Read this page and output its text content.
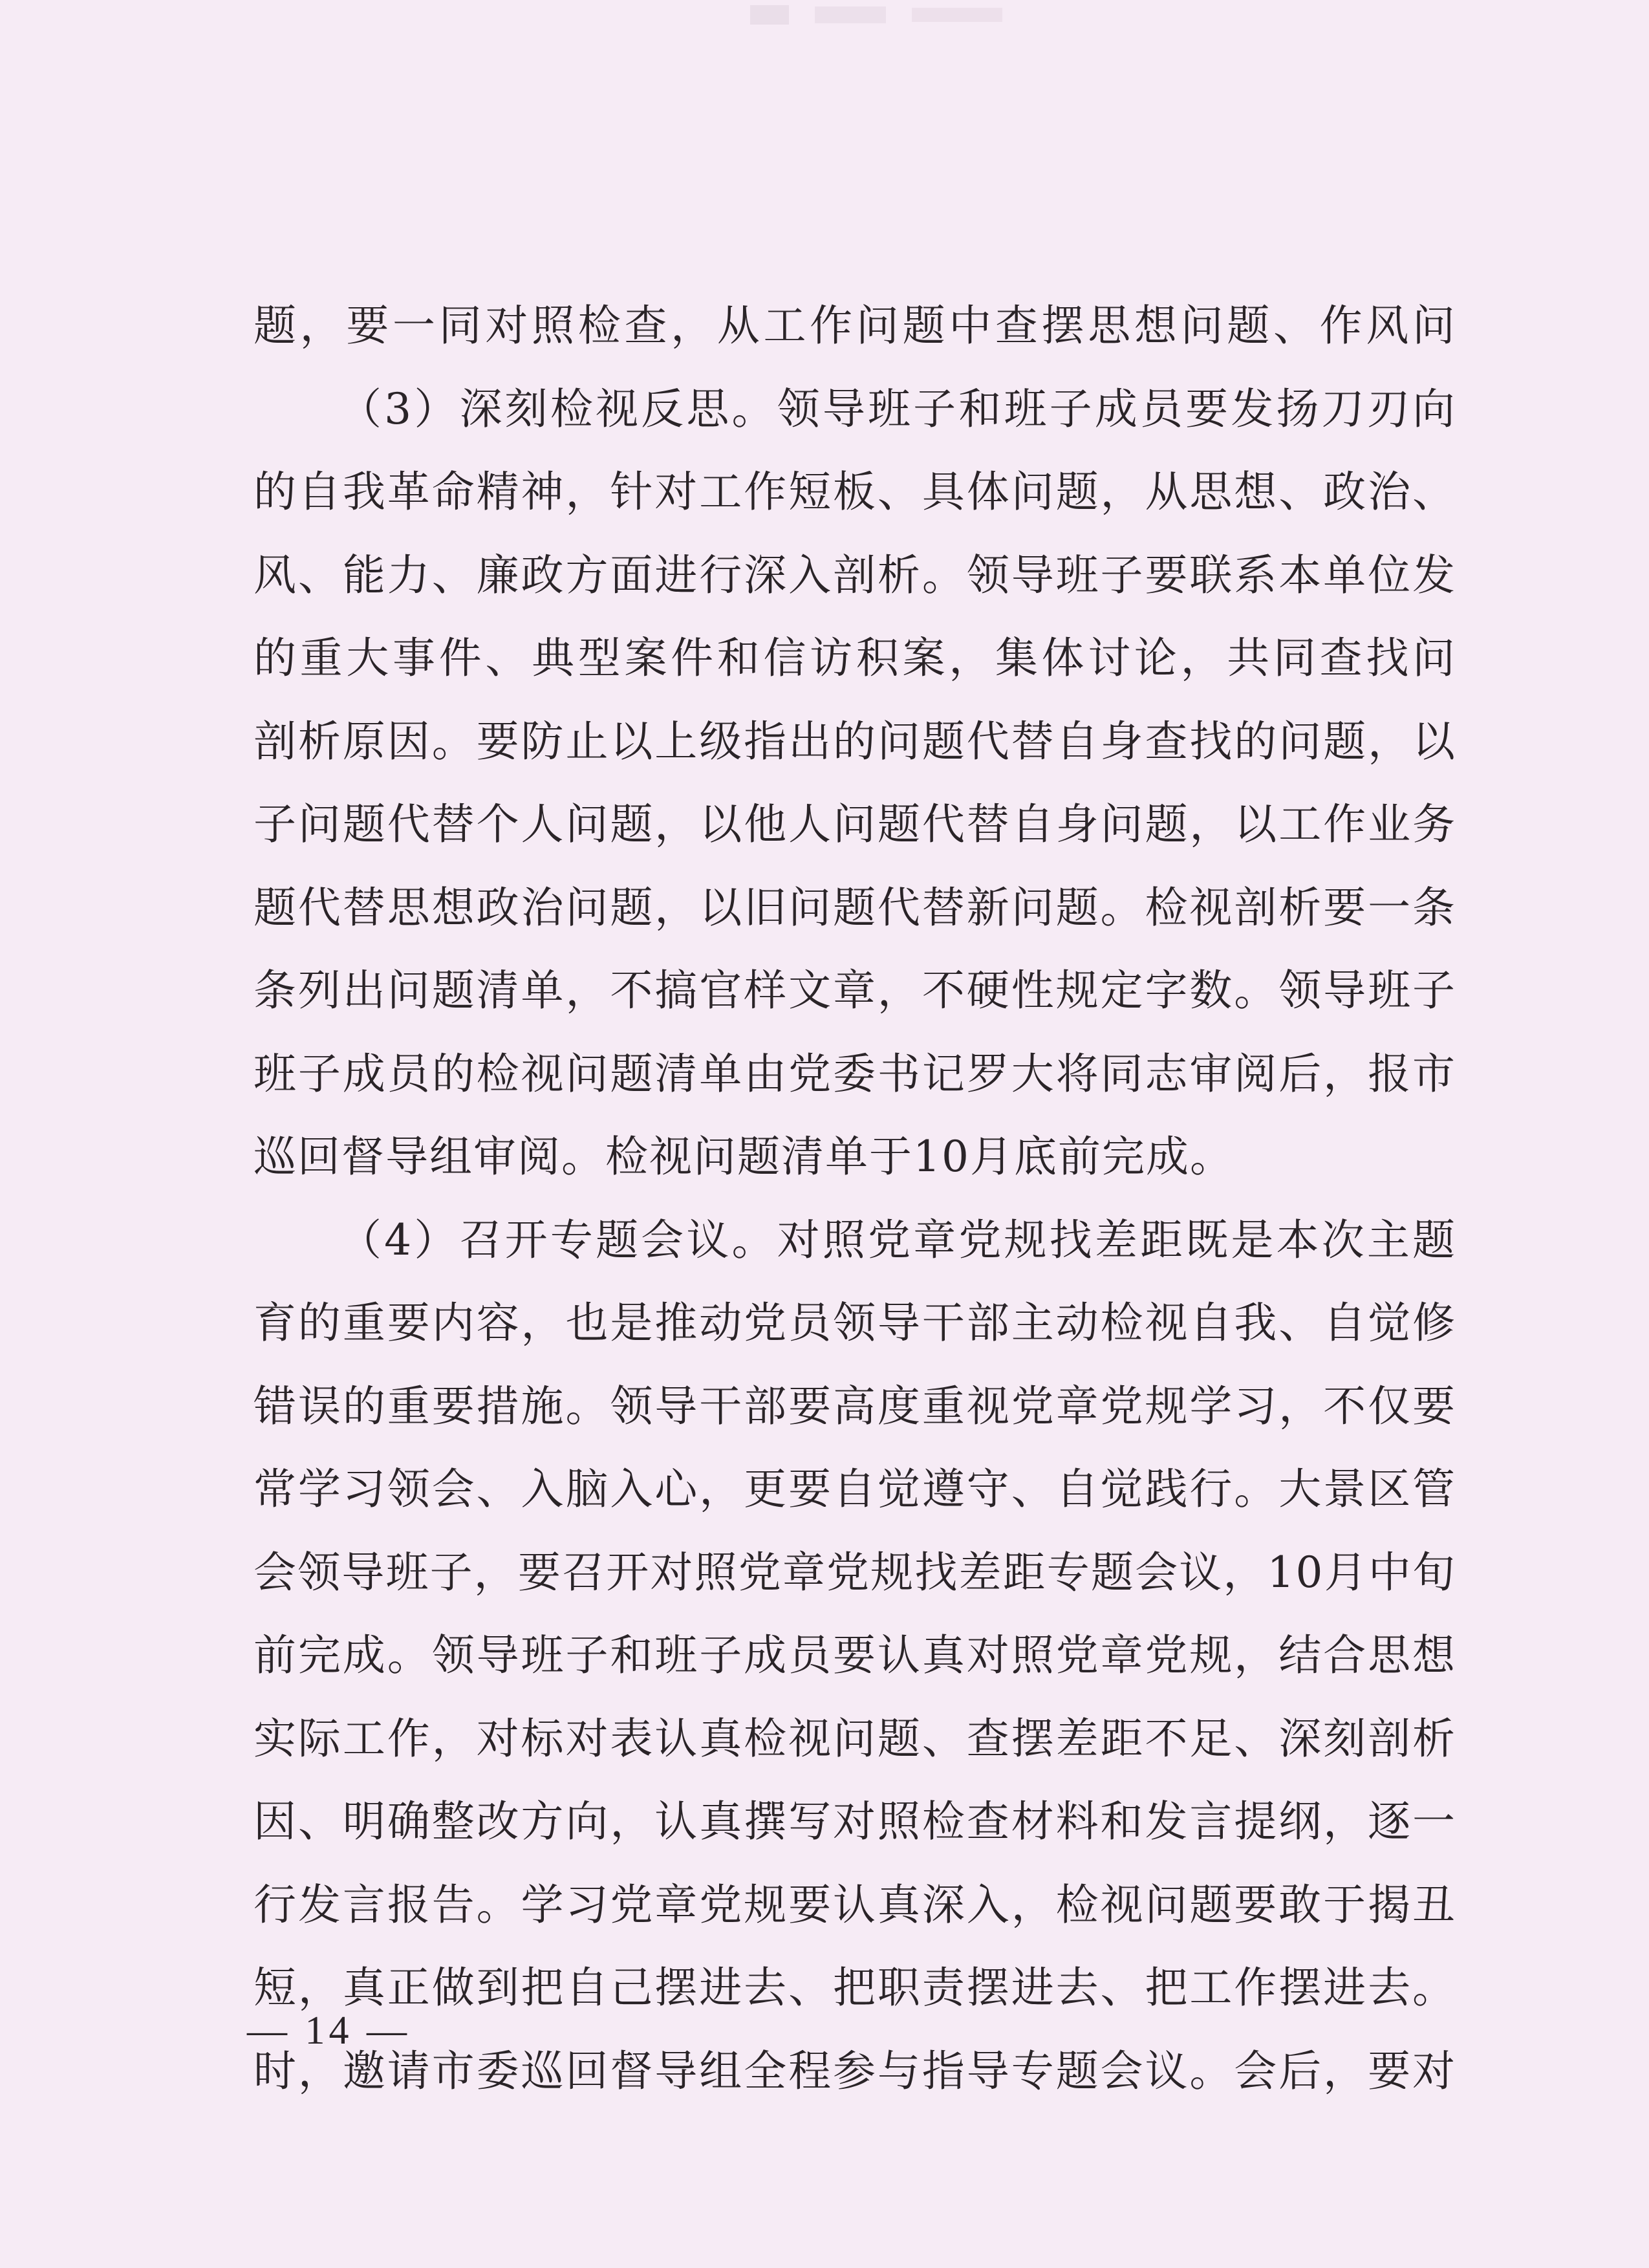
题，要一同对照检查，从工作问题中查摆思想问题、作风问
（3）深刻检视反思。领导班子和班子成员要发扬刀刃向
的自我革命精神，针对工作短板、具体问题，从思想、政治、
风、能力、廉政方面进行深入剖析。领导班子要联系本单位发
的重大事件、典型案件和信访积案，集体讨论，共同查找问
剖析原因。要防止以上级指出的问题代替自身查找的问题，以
子问题代替个人问题，以他人问题代替自身问题，以工作业务
题代替思想政治问题，以旧问题代替新问题。检视剖析要一条
条列出问题清单，不搞官样文章，不硬性规定字数。领导班子
班子成员的检视问题清单由党委书记罗大将同志审阅后，报市
巡回督导组审阅。检视问题清单于10月底前完成。
（4）召开专题会议。对照党章党规找差距既是本次主题
育的重要内容，也是推动党员领导干部主动检视自我、自觉修
错误的重要措施。领导干部要高度重视党章党规学习，不仅要
常学习领会、入脑入心，更要自觉遵守、自觉践行。大景区管
会领导班子，要召开对照党章党规找差距专题会议，10月中旬
前完成。领导班子和班子成员要认真对照党章党规，结合思想
实际工作，对标对表认真检视问题、查摆差距不足、深刻剖析
因、明确整改方向，认真撰写对照检查材料和发言提纲，逐一
行发言报告。学习党章党规要认真深入，检视问题要敢于揭丑
短，真正做到把自己摆进去、把职责摆进去、把工作摆进去。
时，邀请市委巡回督导组全程参与指导专题会议。会后，要对
— 14 —
